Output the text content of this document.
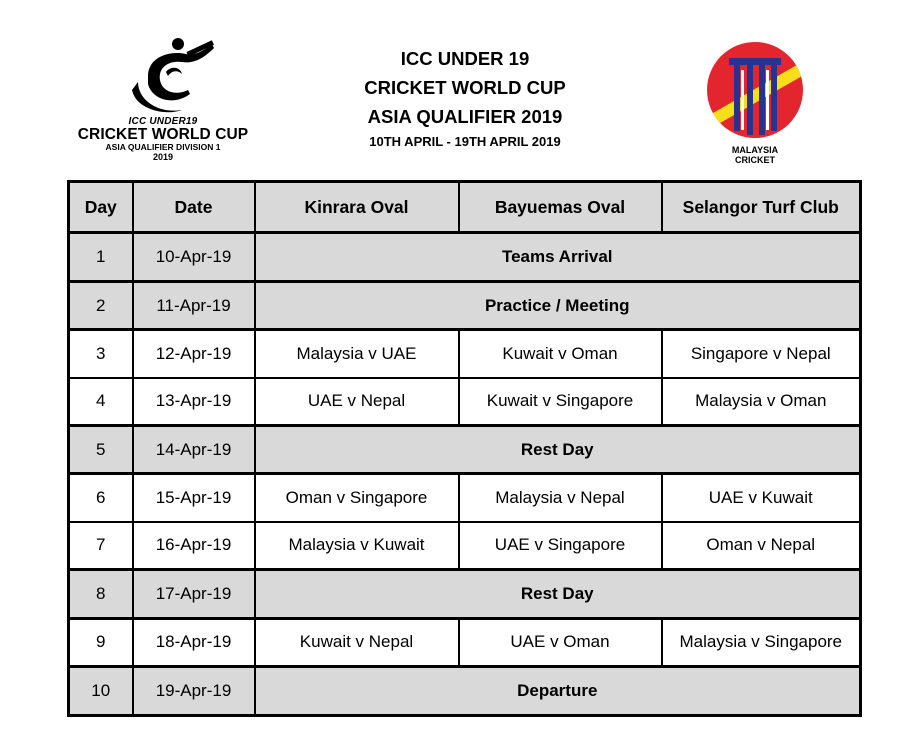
ICC UNDER19
CRICKET WORLD CUP
ASIA QUALIFIER DIVISION 1
2019
ICC UNDER 19
CRICKET WORLD CUP
ASIA QUALIFIER 2019
10TH APRIL - 19TH APRIL 2019
MALAYSIA
CRICKET
Day	Date	Kinrara Oval	Bayuemas Oval	Selangor Turf Club
1	10-Apr-19	Teams Arrival		
2	11-Apr-19	Practice / Meeting		
3	12-Apr-19	Malaysia v UAE	Kuwait v Oman	Singapore v Nepal
4	13-Apr-19	UAE v Nepal	Kuwait v Singapore	Malaysia v Oman
5	14-Apr-19	Rest Day		
6	15-Apr-19	Oman v Singapore	Malaysia v Nepal	UAE v Kuwait
7	16-Apr-19	Malaysia v Kuwait	UAE v Singapore	Oman v Nepal
8	17-Apr-19	Rest Day		
9	18-Apr-19	Kuwait v Nepal	UAE v Oman	Malaysia v Singapore
10	19-Apr-19	Departure		
